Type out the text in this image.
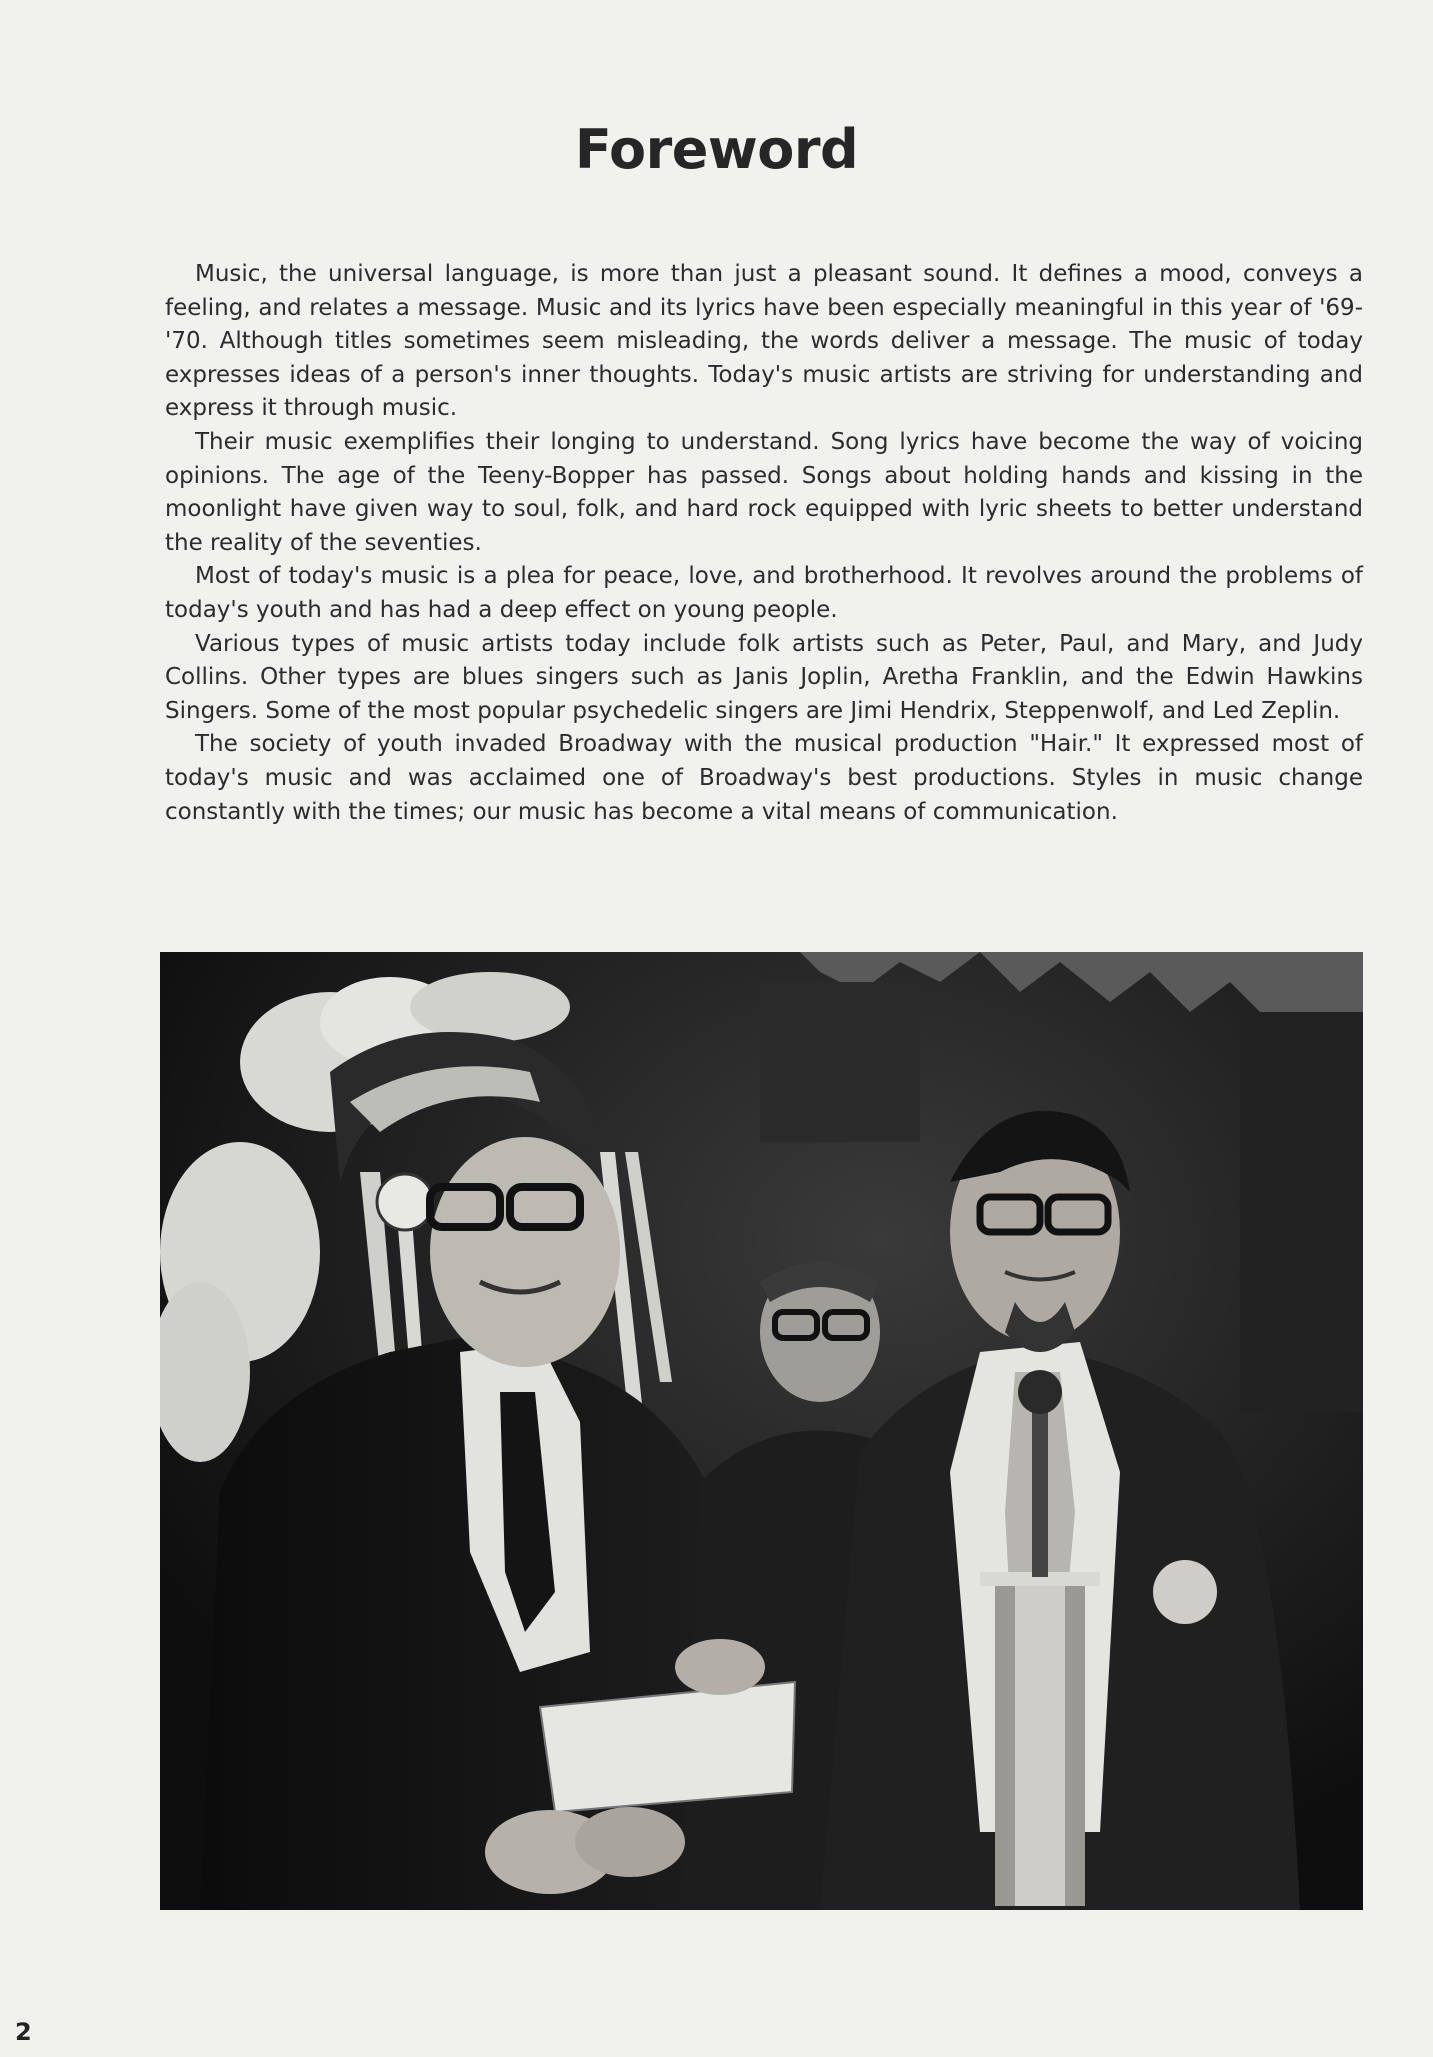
Foreword

Music, the universal language, is more than just a pleasant sound. It defines a mood, conveys a feeling, and relates a message. Music and its lyrics have been especially meaningful in this year of '69-'70. Although titles sometimes seem misleading, the words deliver a message. The music of today expresses ideas of a person's inner thoughts. Today's music artists are striving for understanding and express it through music.

Their music exemplifies their longing to understand. Song lyrics have become the way of voicing opinions. The age of the Teeny-Bopper has passed. Songs about holding hands and kissing in the moonlight have given way to soul, folk, and hard rock equipped with lyric sheets to better understand the reality of the seventies.

Most of today's music is a plea for peace, love, and brotherhood. It revolves around the problems of today's youth and has had a deep effect on young people.

Various types of music artists today include folk artists such as Peter, Paul, and Mary, and Judy Collins. Other types are blues singers such as Janis Joplin, Aretha Franklin, and the Edwin Hawkins Singers. Some of the most popular psychedelic singers are Jimi Hendrix, Steppenwolf, and Led Zeplin.

The society of youth invaded Broadway with the musical production "Hair." It expressed most of today's music and was acclaimed one of Broadway's best productions. Styles in music change constantly with the times; our music has become a vital means of communication.

2
